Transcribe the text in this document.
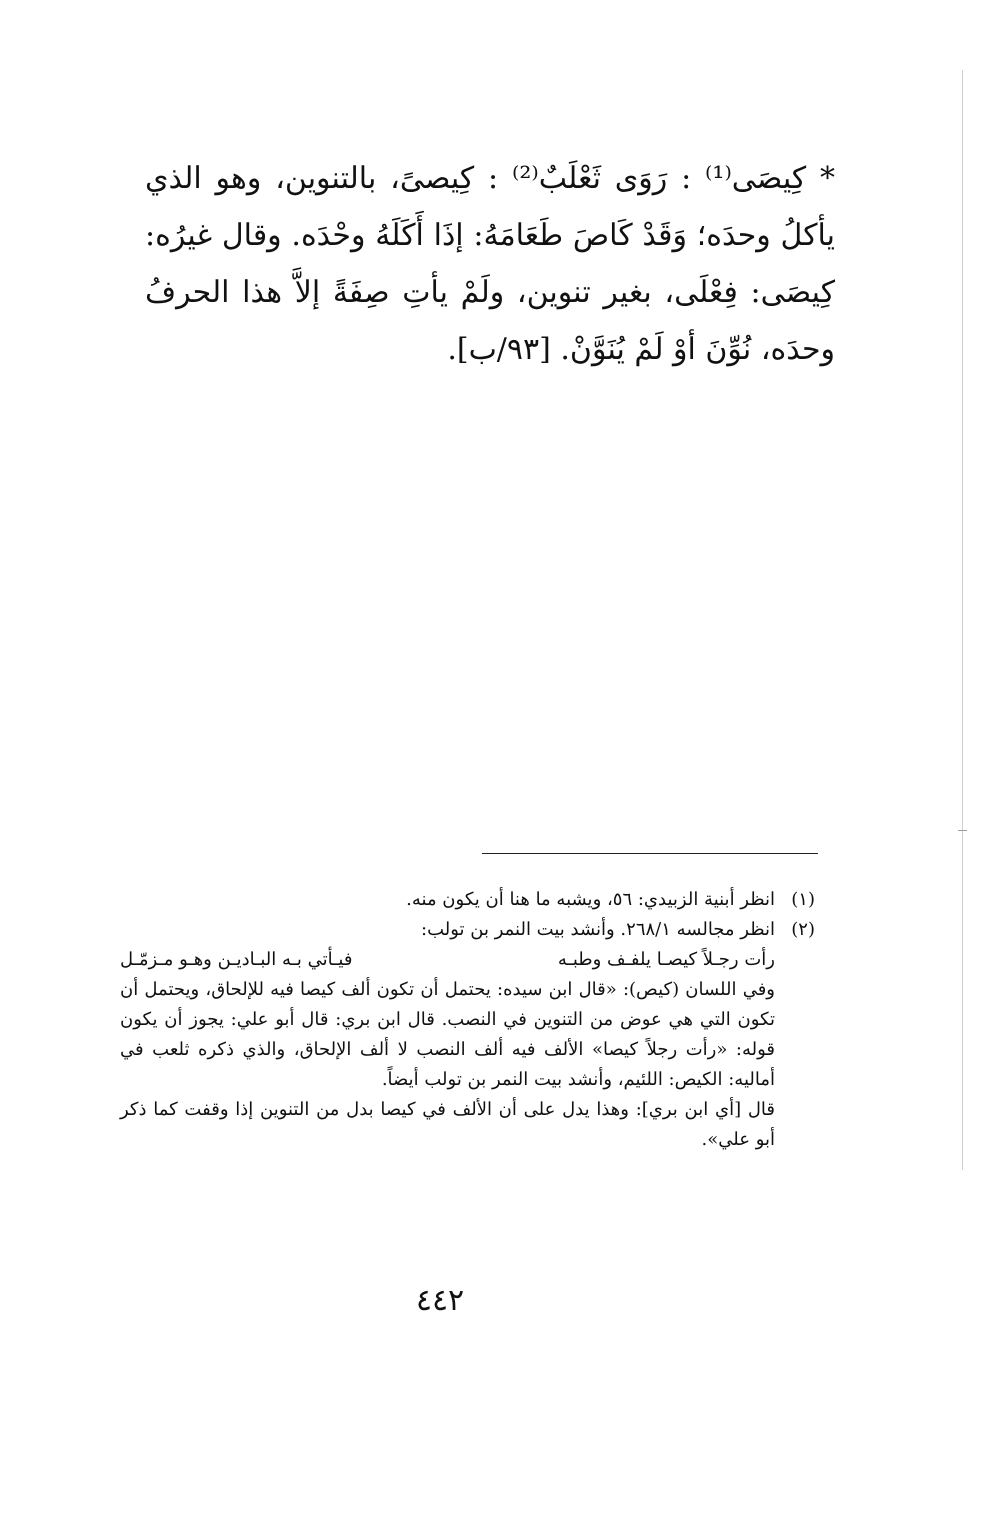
* كِيصَى⁽¹⁾ : رَوَى ثَعْلَبٌ⁽²⁾ : كِيصىً، بالتنوين، وهو الذي يأكلُ وحدَه؛ وَقَدْ كَاصَ طَعَامَهُ: إذَا أَكَلَهُ وحْدَه. وقال غيرُه: كِيصَى: فِعْلَى، بغير تنوين، ولَمْ يأتِ صِفَةً إلاَّ هذا الحرفُ وحدَه، نُوِّنَ أوْ لَمْ يُنَوَّنْ. [٩٣/ب].

(١)

انظر أبنية الزبيدي: ٥٦، ويشبه ما هنا أن يكون منه.

(٢)

انظر مجالسه ٢٦٨/١. وأنشد بيت النمر بن تولب:

رأت رجـلاً كيصـا يلفـف وطبـه
فيـأتي بـه البـاديـن وهـو مـزمّـل

وفي اللسان (كيص): «قال ابن سيده: يحتمل أن تكون ألف كيصا فيه للإلحاق، ويحتمل أن تكون التي هي عوض من التنوين في النصب. قال ابن بري: قال أبو علي: يجوز أن يكون قوله: «رأت رجلاً كيصا» الألف فيه ألف النصب لا ألف الإلحاق، والذي ذكره ثلعب في أماليه: الكيص: اللئيم، وأنشد بيت النمر بن تولب أيضاً.

قال [أي ابن بري]: وهذا يدل على أن الألف في كيصا بدل من التنوين إذا وقفت كما ذكر أبو علي».

٤٤٢
